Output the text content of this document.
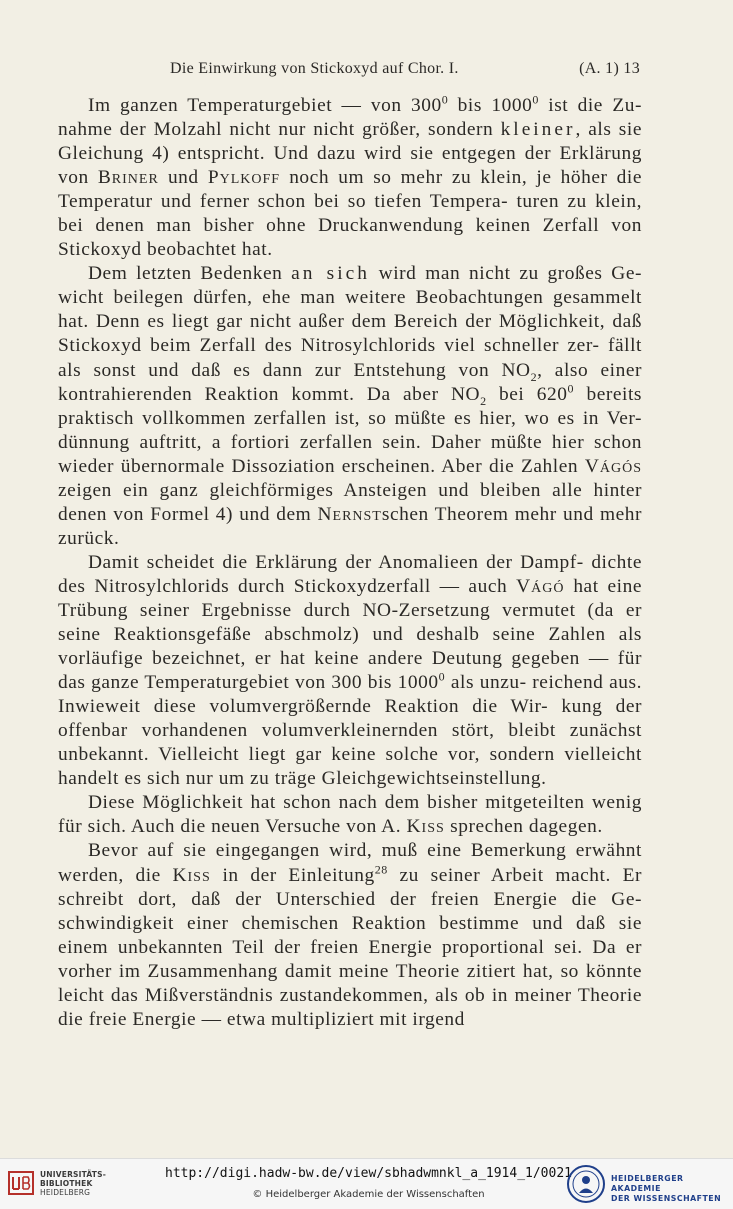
Die Einwirkung von Stickoxyd auf Chor. I.	(A. 1) 13

Im ganzen Temperaturgebiet — von $300^0$ bis 1000$^0$ ist die Zu- nahme der Molzahl nicht nur nicht größer, sondern kleiner, als sie Gleichung 4) entspricht. Und dazu wird sie entgegen der Erklärung von Briner und Pylkoff noch um so mehr zu klein, je höher die Temperatur und ferner schon bei so tiefen Tempera- turen zu klein, bei denen man bisher ohne Druckanwendung keinen Zerfall von Stickoxyd beobachtet hat.

Dem letzten Bedenken an sich wird man nicht zu großes Ge- wicht beilegen dürfen, ehe man weitere Beobachtungen gesammelt hat. Denn es liegt gar nicht außer dem Bereich der Möglichkeit, daß Stickoxyd beim Zerfall des Nitrosylchlorids viel schneller zer- fällt als sonst und daß es dann zur Entstehung von $NO_2$, also einer kontrahierenden Reaktion kommt. Da aber $NO_2$ bei $620^0$ bereits praktisch vollkommen zerfallen ist, so müßte es hier, wo es in Ver- dünnung auftritt, a fortiori zerfallen sein. Daher müßte hier schon wieder übernormale Dissoziation erscheinen. Aber die Zahlen Vágós zeigen ein ganz gleichförmiges Ansteigen und bleiben alle hinter denen von Formel 4) und dem Nernstschen Theorem mehr und mehr zurück.

Damit scheidet die Erklärung der Anomalieen der Dampf- dichte des Nitrosylchlorids durch Stickoxydzerfall — auch Vágó hat eine Trübung seiner Ergebnisse durch NO-Zersetzung vermutet (da er seine Reaktionsgefäße abschmolz) und deshalb seine Zahlen als vorläufige bezeichnet, er hat keine andere Deutung gegeben — für das ganze Temperaturgebiet von 300 bis 1000$^0$ als unzu- reichend aus. Inwieweit diese volumvergrößernde Reaktion die Wir- kung der offenbar vorhandenen volumverkleinernden stört, bleibt zunächst unbekannt. Vielleicht liegt gar keine solche vor, sondern vielleicht handelt es sich nur um zu träge Gleichgewichtseinstellung.

Diese Möglichkeit hat schon nach dem bisher mitgeteilten wenig für sich. Auch die neuen Versuche von A. Kiss sprechen dagegen.

Bevor auf sie eingegangen wird, muß eine Bemerkung erwähnt werden, die Kiss in der Einleitung$^{28}$ zu seiner Arbeit macht. Er schreibt dort, daß der Unterschied der freien Energie die Ge- schwindigkeit einer chemischen Reaktion bestimme und daß sie einem unbekannten Teil der freien Energie proportional sei. Da er vorher im Zusammenhang damit meine Theorie zitiert hat, so könnte leicht das Mißverständnis zustandekommen, als ob in meiner Theorie die freie Energie — etwa multipliziert mit irgend

UNIVERSITÄTS-
BIBLIOTHEK
HEIDELBERG
http://digi.hadw-bw.de/view/sbhadwmnkl_a_1914_1/0021
© Heidelberger Akademie der Wissenschaften
HEIDELBERGER AKADEMIE
DER WISSENSCHAFTEN
